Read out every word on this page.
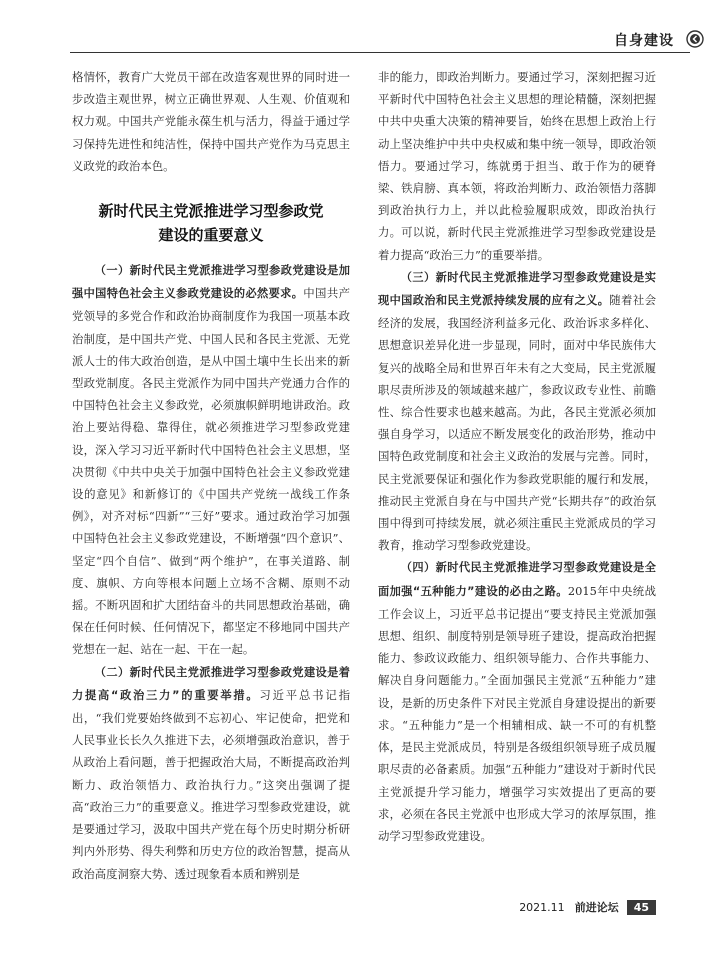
自身建设

格情怀，教育广大党员干部在改造客观世界的同时进一步改造主观世界，树立正确世界观、人生观、价值观和权力观。中国共产党能永葆生机与活力，得益于通过学习保持先进性和纯洁性，保持中国共产党作为马克思主义政党的政治本色。

新时代民主党派推进学习型参政党
建设的重要意义

（一）新时代民主党派推进学习型参政党建设是加强中国特色社会主义参政党建设的必然要求。中国共产党领导的多党合作和政治协商制度作为我国一项基本政治制度，是中国共产党、中国人民和各民主党派、无党派人士的伟大政治创造，是从中国土壤中生长出来的新型政党制度。各民主党派作为同中国共产党通力合作的中国特色社会主义参政党，必须旗帜鲜明地讲政治。政治上要站得稳、靠得住，就必须推进学习型参政党建设，深入学习习近平新时代中国特色社会主义思想，坚决贯彻《中共中央关于加强中国特色社会主义参政党建设的意见》和新修订的《中国共产党统一战线工作条例》，对齐对标“四新”“三好”要求。通过政治学习加强中国特色社会主义参政党建设，不断增强“四个意识”、坚定“四个自信”、做到“两个维护”，在事关道路、制度、旗帜、方向等根本问题上立场不含糊、原则不动摇。不断巩固和扩大团结奋斗的共同思想政治基础，确保在任何时候、任何情况下，都坚定不移地同中国共产党想在一起、站在一起、干在一起。

（二）新时代民主党派推进学习型参政党建设是着力提高“政治三力”的重要举措。习近平总书记指出，“我们党要始终做到不忘初心、牢记使命，把党和人民事业长长久久推进下去，必须增强政治意识，善于从政治上看问题，善于把握政治大局，不断提高政治判断力、政治领悟力、政治执行力。”这突出强调了提高“政治三力”的重要意义。推进学习型参政党建设，就是要通过学习，汲取中国共产党在每个历史时期分析研判内外形势、得失利弊和历史方位的政治智慧，提高从政治高度洞察大势、透过现象看本质和辨别是

非的能力，即政治判断力。要通过学习，深刻把握习近平新时代中国特色社会主义思想的理论精髓，深刻把握中共中央重大决策的精神要旨，始终在思想上政治上行动上坚决维护中共中央权威和集中统一领导，即政治领悟力。要通过学习，练就勇于担当、敢于作为的硬脊梁、铁肩膀、真本领，将政治判断力、政治领悟力落脚到政治执行力上，并以此检验履职成效，即政治执行力。可以说，新时代民主党派推进学习型参政党建设是着力提高“政治三力”的重要举措。

（三）新时代民主党派推进学习型参政党建设是实现中国政治和民主党派持续发展的应有之义。随着社会经济的发展，我国经济利益多元化、政治诉求多样化、思想意识差异化进一步显现，同时，面对中华民族伟大复兴的战略全局和世界百年未有之大变局，民主党派履职尽责所涉及的领域越来越广，参政议政专业性、前瞻性、综合性要求也越来越高。为此，各民主党派必须加强自身学习，以适应不断发展变化的政治形势，推动中国特色政党制度和社会主义政治的发展与完善。同时，民主党派要保证和强化作为参政党职能的履行和发展，推动民主党派自身在与中国共产党“长期共存”的政治氛围中得到可持续发展，就必须注重民主党派成员的学习教育，推动学习型参政党建设。

（四）新时代民主党派推进学习型参政党建设是全面加强“五种能力”建设的必由之路。2015年中央统战工作会议上，习近平总书记提出“要支持民主党派加强思想、组织、制度特别是领导班子建设，提高政治把握能力、参政议政能力、组织领导能力、合作共事能力、解决自身问题能力。”全面加强民主党派“五种能力”建设，是新的历史条件下对民主党派自身建设提出的新要求。“五种能力”是一个相辅相成、缺一不可的有机整体，是民主党派成员，特别是各级组织领导班子成员履职尽责的必备素质。加强“五种能力”建设对于新时代民主党派提升学习能力，增强学习实效提出了更高的要求，必须在各民主党派中也形成大学习的浓厚氛围，推动学习型参政党建设。

2021.11 前进论坛	45
